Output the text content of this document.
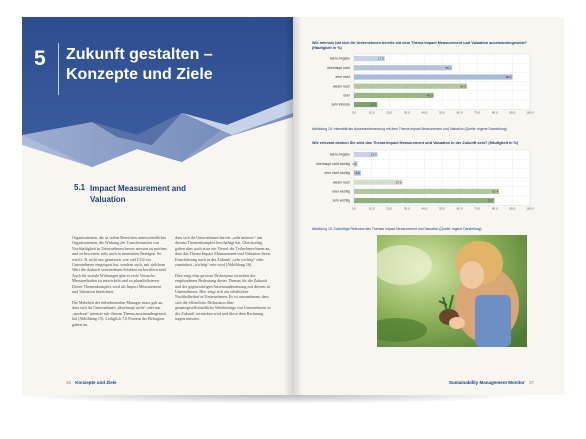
5 Zukunft gestalten – Konzepte und Ziele
5.1 Impact Measurement and Valuation
Organisationen, die in vielen Bereichen unterschiedlicher Organisationen, die Wirkung der Transformation von Nachhaltigkeit in Unternehmen besser messen zu machen und zu bewerten, teils auch in monetären Beträgen. So wird z. B. nicht nur gemessen, wie viel CO2 ein Unternehmen eingespart hat, sondern auch, mit welchem Wert die dadurch vermiedenen Schäden zu beziffern sind. Auch für soziale Wirkungen gibt es erste Versuche, Messmethoden zu entwickeln und zu plausibilisieren. Dieser Themenkomplex wird als Impact Measurement und Valuation bezeichnet.

Die Mehrheit der teilnehmenden Manager muss gab an, dass sich ihr Unternehmen „überhaupt nicht“ oder nur „moderat“ intensiv mit diesem Thema auseinandergesetzt hat (Abbildung 15). Lediglich 7,6 Prozent der Befragten gaben an,
dass sich ihr Unternehmen bereits „sehr intensiv“ mit diesem Themenkomplex beschäftigt hat. Gleichzeitig gaben aber auch etwa ein Viertel der Teilnehmer/innen an, dass das Thema Impact Measurement und Valuation ihren Einschätzung nach in der Zukunft „sehr wichtig“ oder zumindest „wichtig“ sein wird (Abbildung 16).

Dies zeigt eine gewisse Diskrepanz zwischen der empfundenen Bedeutung dieses Themas für die Zukunft und der gegenwärtigen Auseinandersetzung mit diesem in Unternehmen. Hier zeigt sich ein erheblicher Nachholbedarf in Unternehmen. Es ist anzunehmen, dass sich die öffentliche Diskussion über gesamtgesellschaftliche Wertbeiträge von Unternehmen in der Zukunft verstärken wird und diese dem Rechnung tragen müssen.
36 Konzepte und Ziele
Wie intensiv hat sich Ihr Unternehmen bereits mit dem Thema Impact Measurement und Valuation auseinandergesetzt? (Häufigkeit in %)
0.0	10.0	20.0	30.0	40.0	50.0	60.0	70.0	80.0	90.0	100.0
keine Angabe	17.5
überhaupt nicht	55.7
eher nicht	90.1
weder noch	64.2
eher	45.3
sehr intensiv	13.2
Abbildung 15: Intensität der Auseinandersetzung mit dem Thema Impact Measurement und Valuation (Quelle: eigene Darstellung)
Wie relevant denken Sie wird das Thema Impact Measurement und Valuation in der Zukunft sein? (Häufigkeit in %)
0.0	10.0	20.0	30.0	40.0	50.0	60.0	70.0	80.0	90.0	100.0
keine Angabe	13.4
überhaupt nicht wichtig 1.9
eher nicht wichtig 3.8
weder noch	27.6
eher wichtig	82.4
sehr wichtig	79.7
Abbildung 16: Zukünftige Relevanz des Themas Impact Measurement und Valuation (Quelle: eigene Darstellung)
Sustainability Management Monitor 37
